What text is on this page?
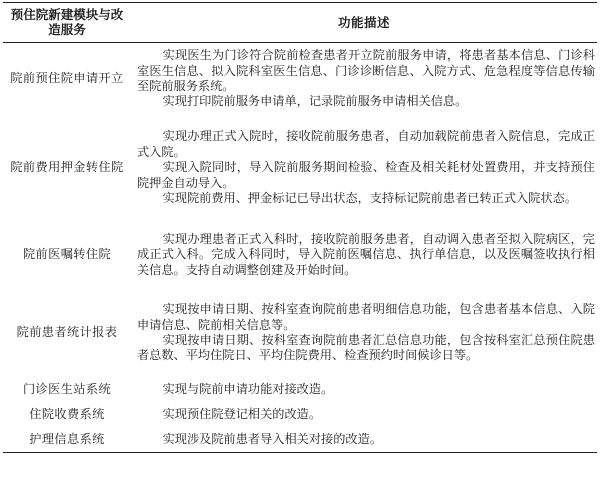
预住院新建模块与改造服务	功能描述
院前预住院申请开立	实现医生为门诊符合院前检查患者开立院前服务申请，将患者基本信息、门诊科室医生信息、拟入院科室医生信息、门诊诊断信息、入院方式、危急程度等信息传输至院前服务系统。

实现打印院前服务申请单，记录院前服务申请相关信息。

院前费用押金转住院	实现办理正式入院时，接收院前服务患者，自动加载院前患者入院信息，完成正式入院。

实现入院同时，导入院前服务期间检验、检查及相关耗材处置费用，并支持预住院押金自动导入。

实现院前费用、押金标记已导出状态，支持标记院前患者已转正式入院状态。

院前医嘱转住院	实现办理患者正式入科时，接收院前服务患者，自动调入患者至拟入院病区，完成正式入科。完成入科同时，导入院前医嘱信息、执行单信息，以及医嘱签收执行相关信息。支持自动调整创建及开始时间。

院前患者统计报表	实现按申请日期、按科室查询院前患者明细信息功能，包含患者基本信息、入院申请信息、院前相关信息等。

实现按申请日期、按科室查询院前患者汇总信息功能，包含按科室汇总预住院患者总数、平均住院日、平均住院费用、检查预约时间候诊日等。

门诊医生站系统	实现与院前申请功能对接改造。

住院收费系统	实现预住院登记相关的改造。

护理信息系统	实现涉及院前患者导入相关对接的改造。
